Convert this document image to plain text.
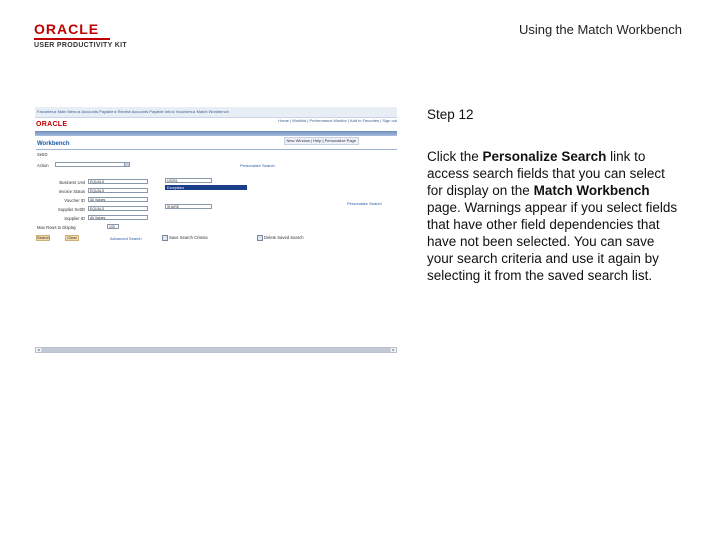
ORACLE
USER PRODUCTIVITY KIT
Using the Match Workbench
Favorites ▸ Main Menu ▸ Accounts Payable ▸ Review Accounts Payable Info ▸ Vouchers ▸ Match Workbench
ORACLE
Home | Worklist | Performance Monitor | Add to Favorites | Sign out
New Window | Help | Personalize Page
Workbench
SetID
Action	Personalize Search
Business Unit	EQUALS	US001
Invoice Status	EQUALS
Exceptions
Voucher ID	All Values
Supplier SetID	EQUALS	SHARE
Supplier ID	All Values
Personalize Search
Max Rows to Display	100
Search	Clear	Advanced Search	Save Search Criteria	Delete Saved Search
◂	▸
Step 12
Click the Personalize Search link to access search fields that you can select for display on the Match Workbench page. Warnings appear if you select fields that have other field dependencies that have not been selected. You can save your search criteria and use it again by selecting it from the saved search list.
